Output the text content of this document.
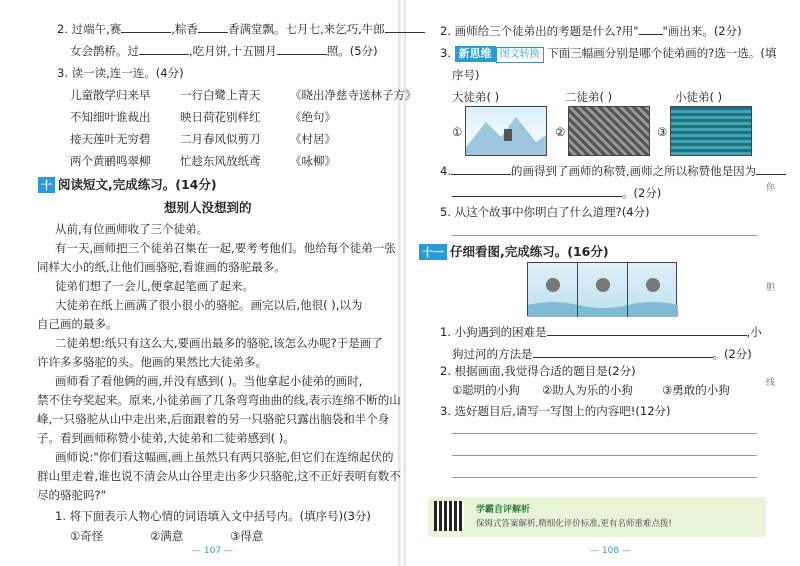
2. 过端午,赛	,粽香	香满堂飘。七月七,来乞巧,牛郎
女会鹊桥。过	,吃月饼,十五圆月	照。(5分)
3. 读一读,连一连。(4分)
儿童散学归来早	一行白鹭上青天	《晓出净慈寺送林子方》
不知细叶谁裁出	映日荷花别样红	《绝句》
接天莲叶无穷碧	二月春风似剪刀	《村居》
两个黄鹂鸣翠柳	忙趁东风放纸鸢	《咏柳》
十 阅读短文,完成练习。(14分)
想别人没想到的
从前,有位画师收了三个徒弟。
有一天,画师把三个徒弟召集在一起,要考考他们。他给每个徒弟一张
同样大小的纸,让他们画骆驼,看谁画的骆驼最多。
徒弟们想了一会儿,便拿起笔画了起来。
大徒弟在纸上画满了很小很小的骆驼。画完以后,他很( ),以为
自己画的最多。
二徒弟想:纸只有这么大,要画出最多的骆驼,该怎么办呢?于是画了
许许多多骆驼的头。他画的果然比大徒弟多。
画师看了看他俩的画,并没有感到( )。当他拿起小徒弟的画时,
禁不住夸奖起来。原来,小徒弟画了几条弯弯曲曲的线,表示连绵不断的山
峰,一只骆驼从山中走出来,后面跟着的另一只骆驼只露出脑袋和半个身
子。看到画师称赞小徒弟,大徒弟和二徒弟感到( )。
画师说:"你们看这幅画,画上虽然只有两只骆驼,但它们在连绵起伏的
群山里走着,谁也说不清会从山谷里走出多少只骆驼,这不正好表明有数不
尽的骆驼吗?"
1. 将下面表示人物心情的词语填入文中括号内。(填序号)(3分)
①奇怪	②满意	③得意
2. 画师给三个徒弟出的考题是什么?用" "画出来。(2分)
3. 新思维 图文转换 下面三幅画分别是哪个徒弟画的?选一选。(填
序号)
大徒弟( )	二徒弟( )	小徒弟( )
①	②	③
4.	的画得到了画师的称赞,画师之所以称赞他是因为
。(2分)
5. 从这个故事中你明白了什么道理?(4分)
十一 仔细看图,完成练习。(16分)
1. 小狗遇到的困难是	,小
狗过河的方法是	。(2分)
2. 根据画面,我觉得合适的题目是(2分)
①聪明的小狗 ②助人为乐的小狗	③勇敢的小狗
3. 选好题目后,请写一写图上的内容吧!(12分)
学霸自评解析
保姆式答案解析,精细化评价标准,更有名师重难点拨!
你
胆
线
— 107 —	— 108 —
